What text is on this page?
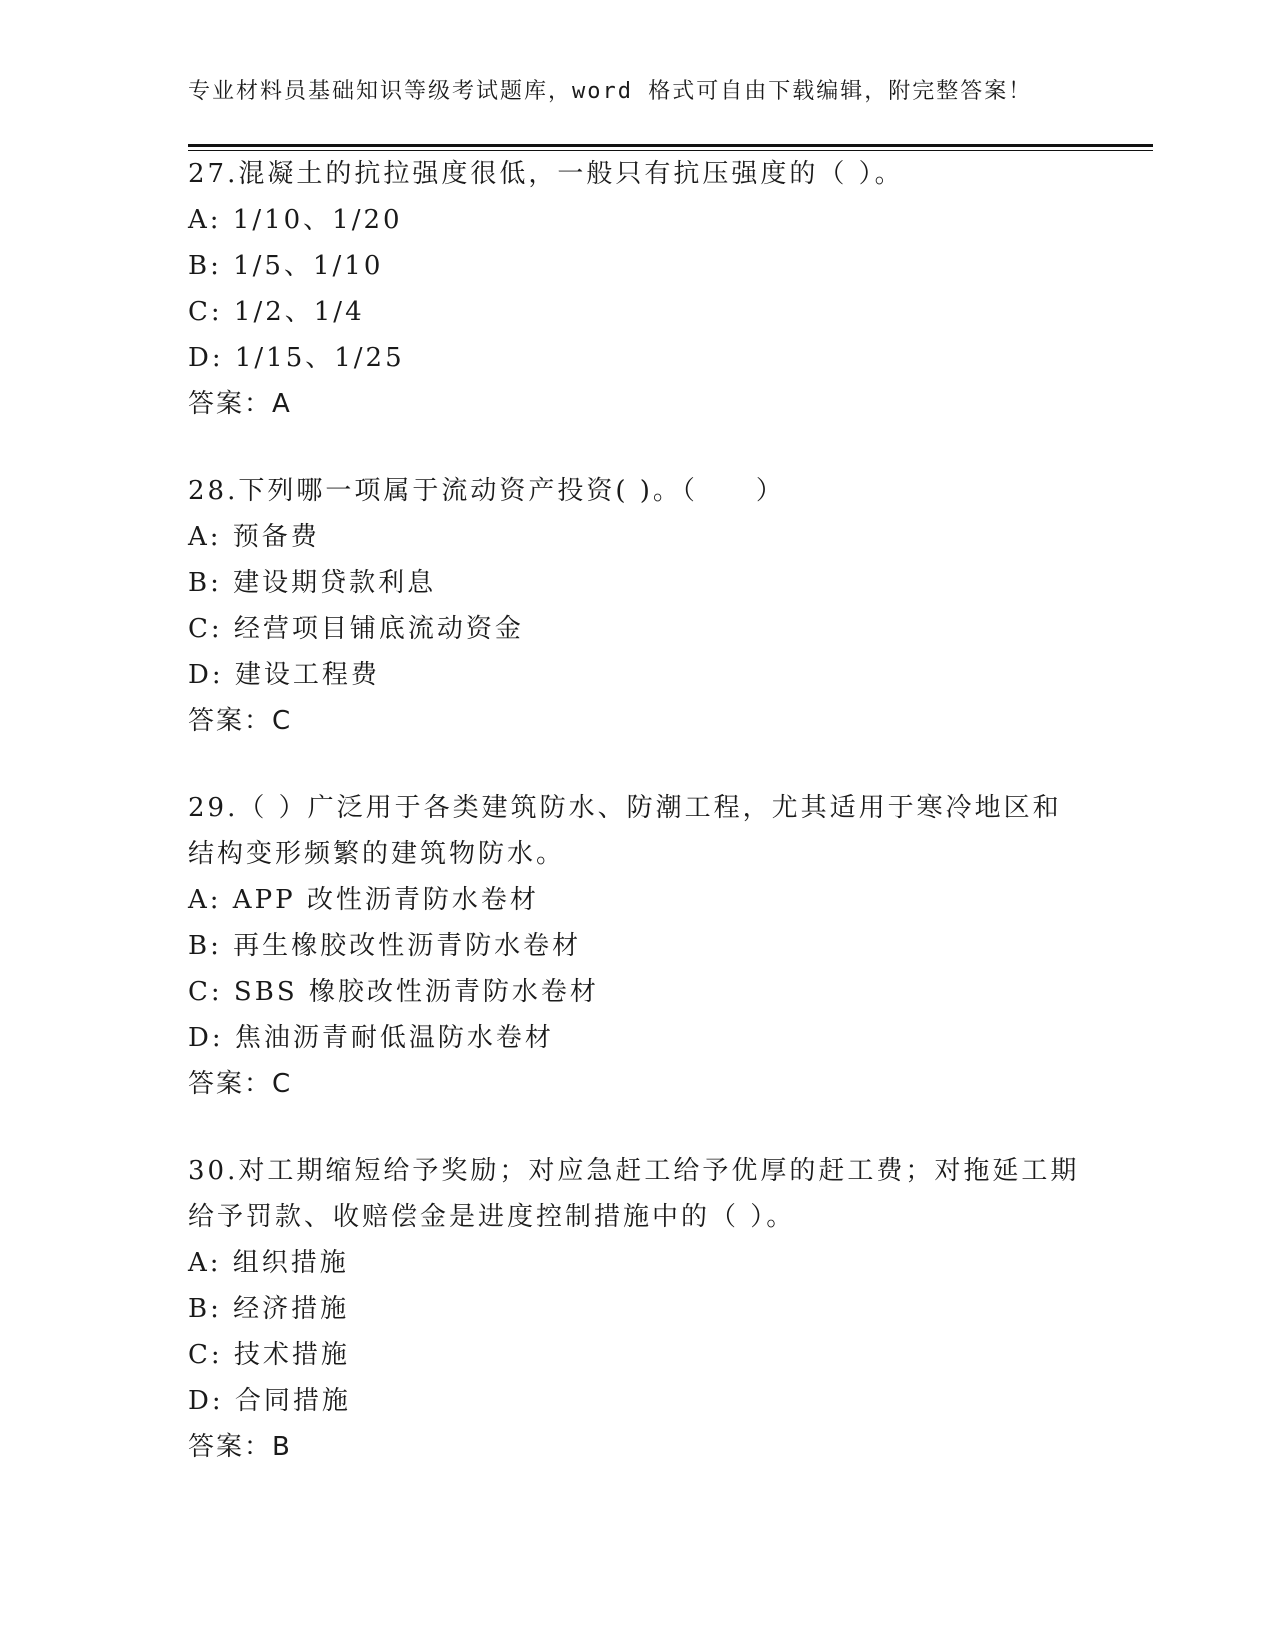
专业材料员基础知识等级考试题库，word 格式可自由下载编辑，附完整答案！

27.混凝土的抗拉强度很低，一般只有抗压强度的（ ）。

A: 1/10、1/20

B: 1/5、1/10

C: 1/2、1/4

D: 1/15、1/25

答案：A

28.下列哪一项属于流动资产投资( )。（　　）

A: 预备费

B: 建设期贷款利息

C: 经营项目铺底流动资金

D: 建设工程费

答案：C

29.（ ）广泛用于各类建筑防水、防潮工程，尤其适用于寒冷地区和

结构变形频繁的建筑物防水。

A: APP 改性沥青防水卷材

B: 再生橡胶改性沥青防水卷材

C: SBS 橡胶改性沥青防水卷材

D: 焦油沥青耐低温防水卷材

答案：C

30.对工期缩短给予奖励；对应急赶工给予优厚的赶工费；对拖延工期

给予罚款、收赔偿金是进度控制措施中的（ ）。

A: 组织措施

B: 经济措施

C: 技术措施

D: 合同措施

答案：B
